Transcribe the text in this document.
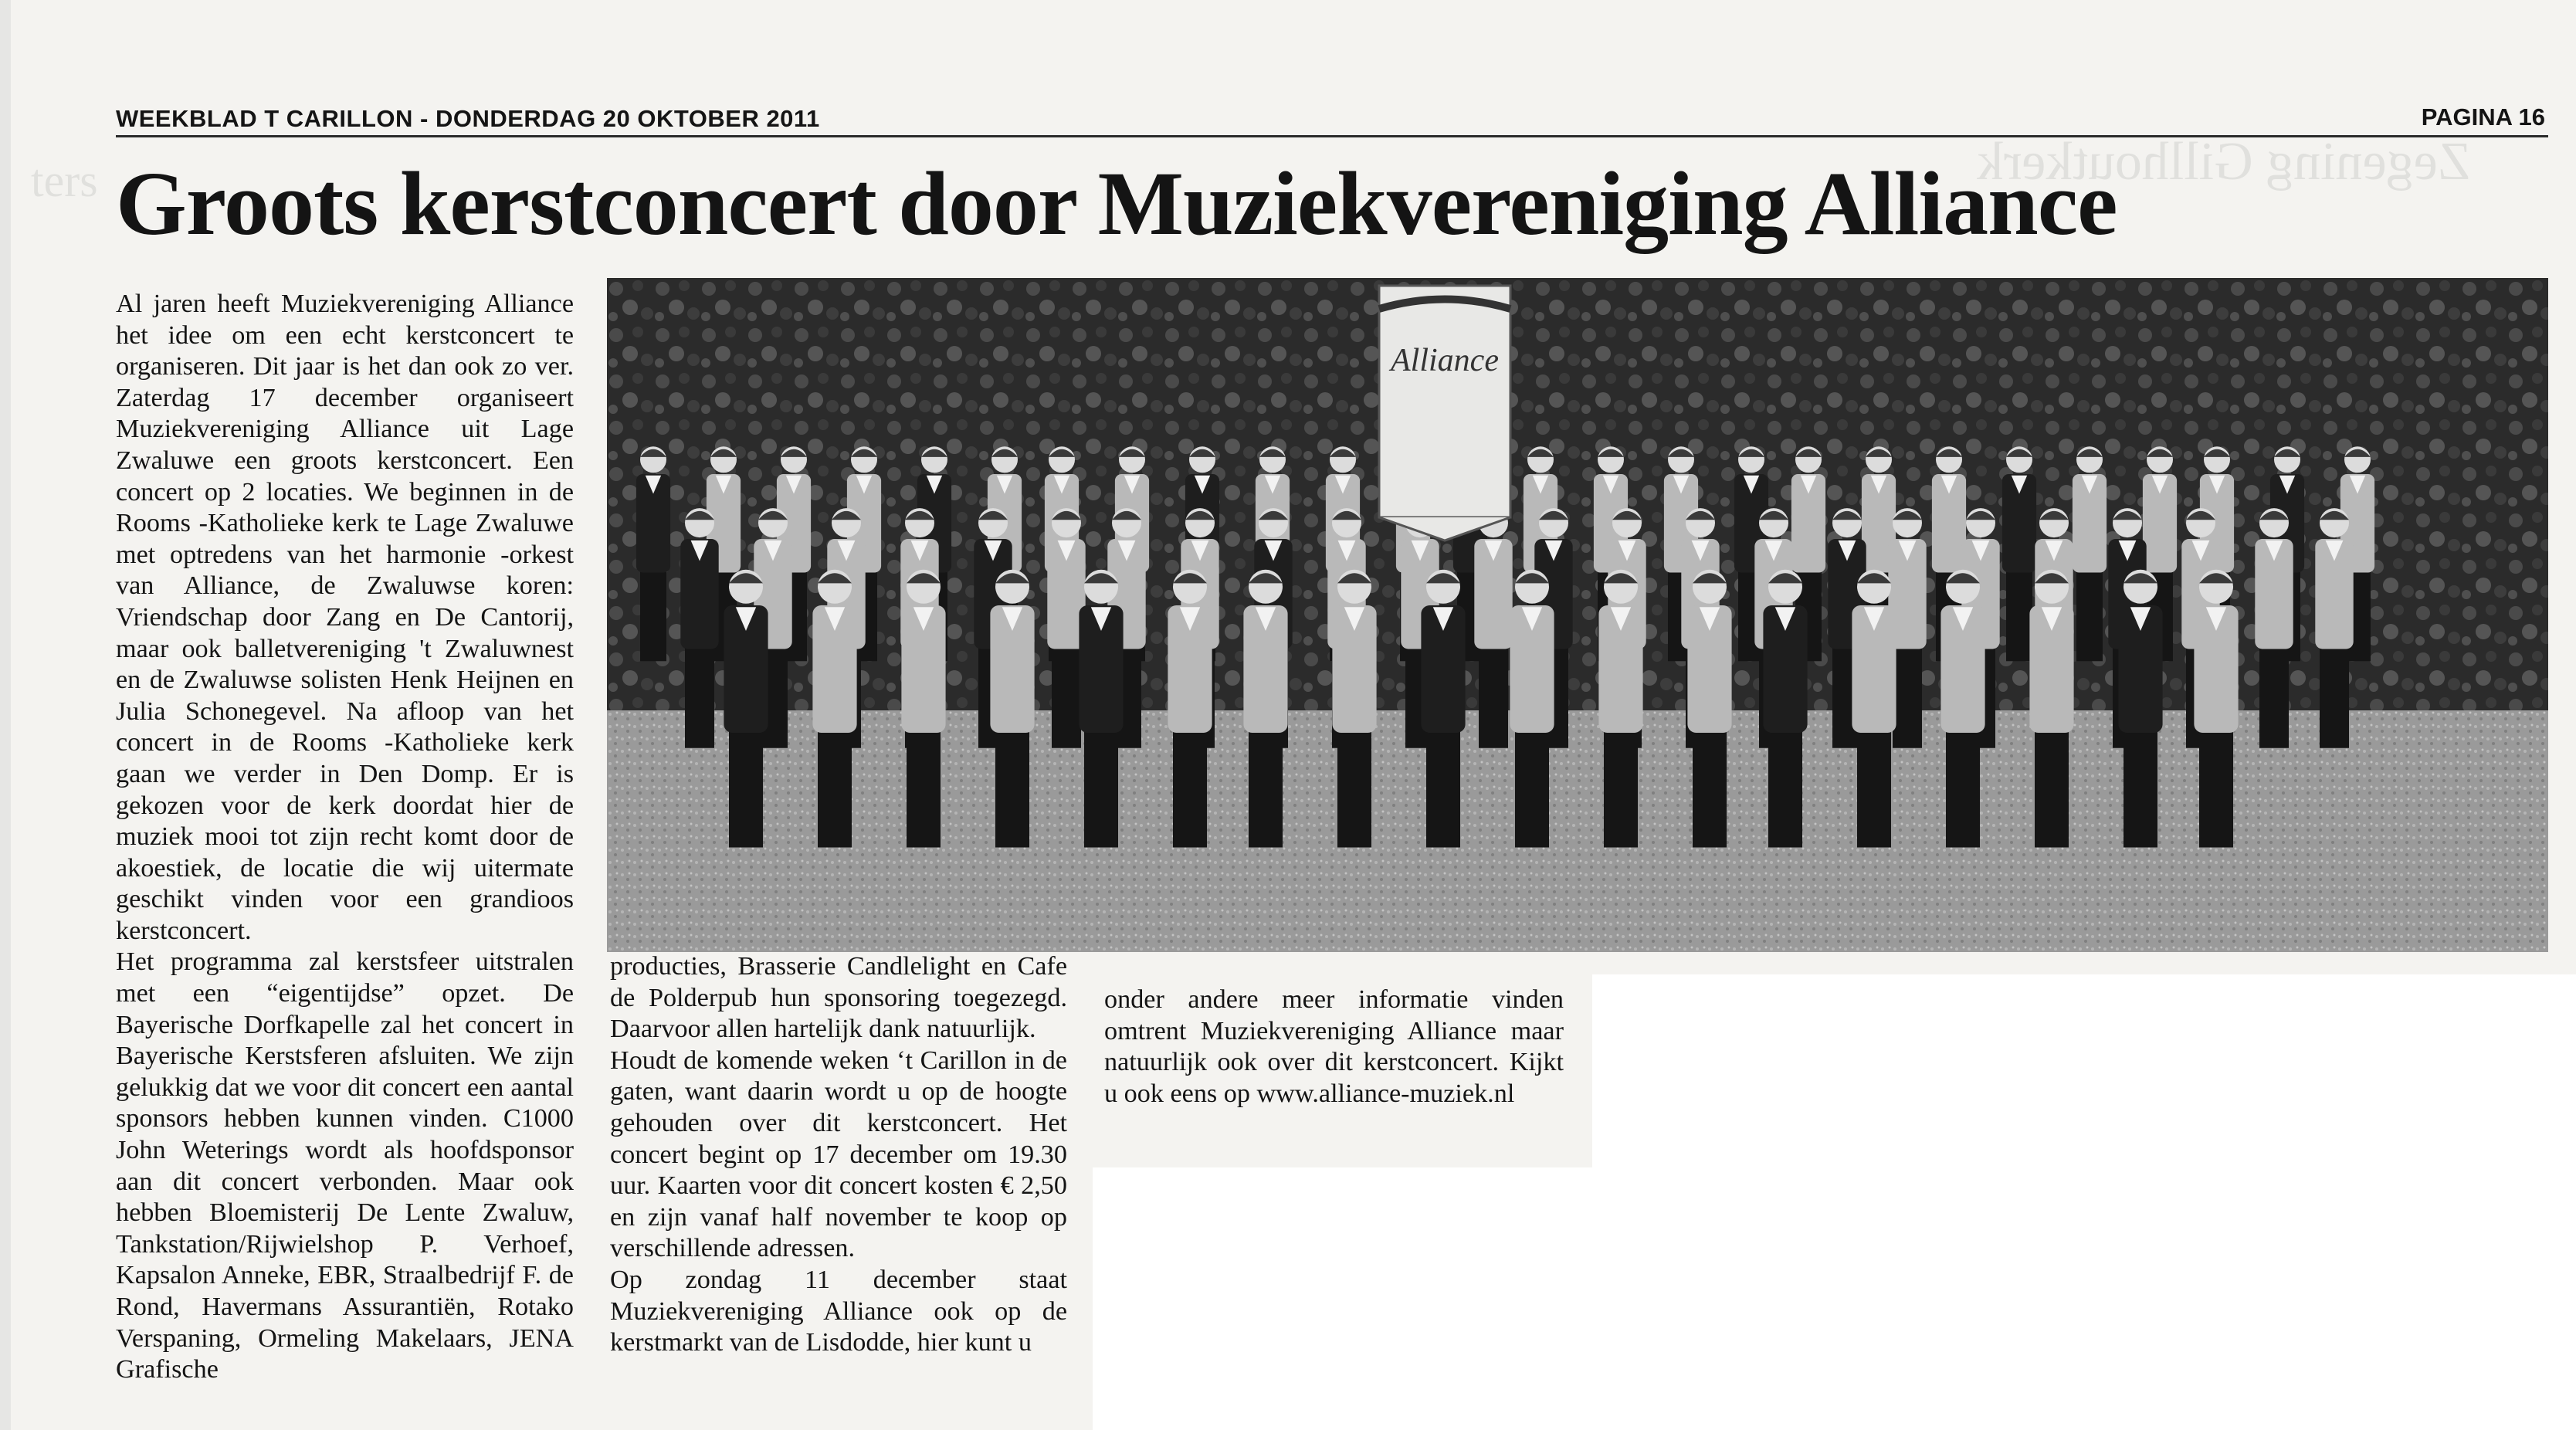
Zegening Gillhoutkerk
ters
WEEKBLAD T CARILLON - DONDERDAG 20 OKTOBER 2011	PAGINA 16
Groots kerstconcert door Muziekvereniging Alliance
Alliance

Al jaren heeft Muziekvereniging Alliance het idee om een echt kerstconcert te organiseren. Dit jaar is het dan ook zo ver. Zaterdag 17 december organiseert Muziekvereniging Alliance uit Lage Zwaluwe een groots kerstconcert. Een concert op 2 locaties. We beginnen in de Rooms -Katholieke kerk te Lage Zwaluwe met optredens van het harmonie -orkest van Alliance, de Zwaluwse koren: Vriendschap door Zang en De Cantorij, maar ook balletvereniging 't Zwaluwnest en de Zwaluwse solisten Henk Heijnen en Julia Schonegevel. Na afloop van het concert in de Rooms -Katholieke kerk gaan we verder in Den Domp. Er is gekozen voor de kerk doordat hier de muziek mooi tot zijn recht komt door de akoestiek, de locatie die wij uitermate geschikt vinden voor een grandioos kerstconcert.

Het programma zal kerstsfeer uitstralen met een “eigentijdse” opzet. De Bayerische Dorfkapelle zal het concert in Bayerische Kerstsferen afsluiten. We zijn gelukkig dat we voor dit concert een aantal sponsors hebben kunnen vinden. C1000 John Weterings wordt als hoofdsponsor aan dit concert verbonden. Maar ook hebben Bloemisterij De Lente Zwaluw, Tankstation/Rijwielshop P. Verhoef, Kapsalon Anneke, EBR, Straalbedrijf F. de Rond, Havermans Assurantiën, Rotako Verspaning, Ormeling Makelaars, JENA Grafische

producties, Brasserie Candlelight en Cafe de Polderpub hun sponsoring toegezegd. Daarvoor allen hartelijk dank natuurlijk.

Houdt de komende weken ‘t Carillon in de gaten, want daarin wordt u op de hoogte gehouden over dit kerstconcert. Het concert begint op 17 december om 19.30 uur. Kaarten voor dit concert kosten € 2,50 en zijn vanaf half november te koop op verschillende adressen.

Op zondag 11 december staat Muziekvereniging Alliance ook op de kerstmarkt van de Lisdodde, hier kunt u

onder andere meer informatie vinden omtrent Muziekvereniging Alliance maar natuurlijk ook over dit kerstconcert. Kijkt u ook eens op www.alliance-muziek.nl
